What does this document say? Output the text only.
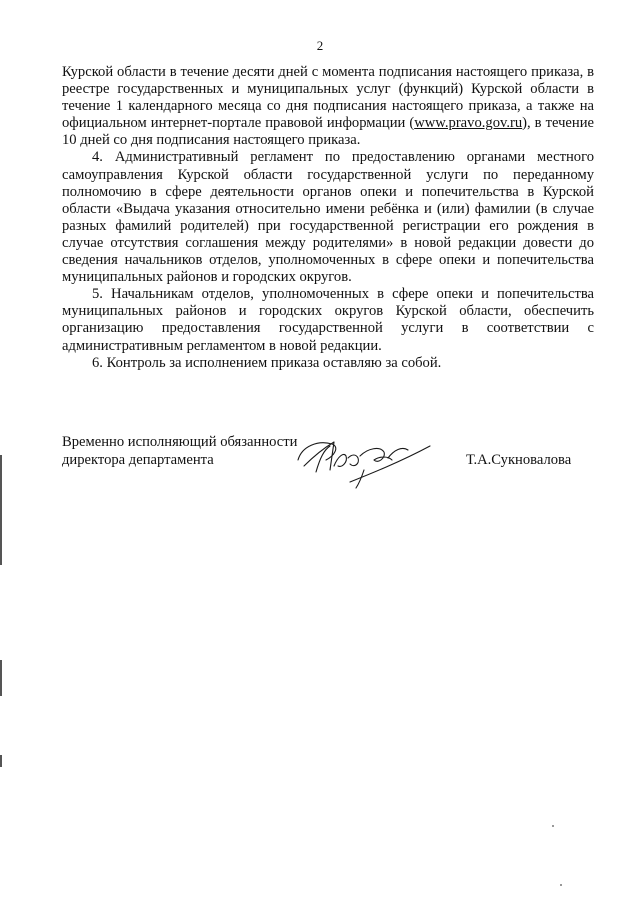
2

Курской области в течение десяти дней с момента подписания настоящего приказа, в реестре государственных и муниципальных услуг (функций) Курской области в течение 1 календарного месяца со дня подписания настоящего приказа, а также на официальном интернет-портале правовой информации (www.pravo.gov.ru), в течение 10 дней со дня подписания настоящего приказа.

4. Административный регламент по предоставлению органами местного самоуправления Курской области государственной услуги по переданному полномочию в сфере деятельности органов опеки и попечительства в Курской области «Выдача указания относительно имени ребёнка и (или) фамилии (в случае разных фамилий родителей) при государственной регистрации его рождения в случае отсутствия соглашения между родителями» в новой редакции довести до сведения начальников отделов, уполномоченных в сфере опеки и попечительства муниципальных районов и городских округов.

5. Начальникам отделов, уполномоченных в сфере опеки и попечительства муниципальных районов и городских округов Курской области, обеспечить организацию предоставления государственной услуги в соответствии с административным регламентом в новой редакции.

6. Контроль за исполнением приказа оставляю за собой.

Временно исполняющий обязанности
директора департамента	Т.А.Сукновалова
